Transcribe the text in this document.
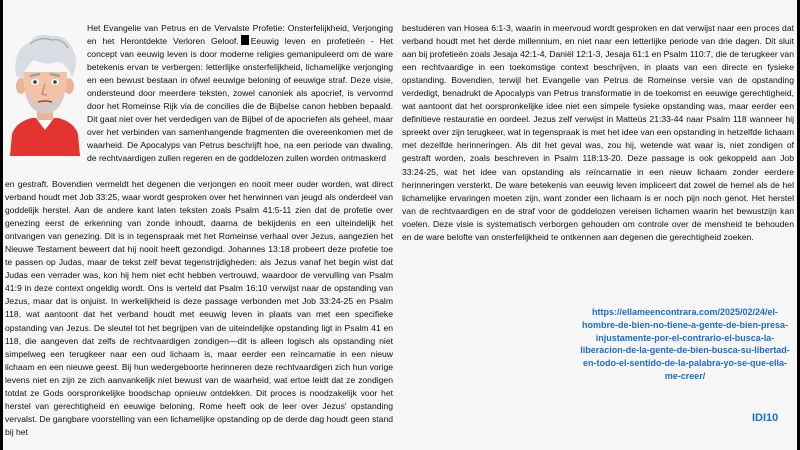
Het Evangelie van Petrus en de Vervalste Profetie: Onsterfelijkheid, Verjonging en het Herontdekte Verloren Geloof. Eeuwig leven en profetieën - Het concept van eeuwig leven is door moderne religies gemanipuleerd om de ware betekenis ervan te verbergen: letterlijke onsterfelijkheid, lichamelijke verjonging en een bewust bestaan in ofwel eeuwige beloning of eeuwige straf. Deze visie, ondersteund door meerdere teksten, zowel canoniek als apocrief, is vervormd door het Romeinse Rijk via de concilies die de Bijbelse canon hebben bepaald. Dit gaat niet over het verdedigen van de Bijbel of de apocriefen als geheel, maar over het verbinden van samenhangende fragmenten die overeenkomen met de waarheid. De Apocalyps van Petrus beschrijft hoe, na een periode van dwaling, de rechtvaardigen zullen regeren en de goddelozen zullen worden ontmaskerd

en gestraft. Bovendien vermeldt het degenen die verjongen en nooit meer ouder worden, wat direct verband houdt met Job 33:25, waar wordt gesproken over het herwinnen van jeugd als onderdeel van goddelijk herstel. Aan de andere kant laten teksten zoals Psalm 41:5-11 zien dat de profetie over genezing eerst de erkenning van zonde inhoudt, daarna de bekijdenis en een uiteindelijk het ontvangen van genezing. Dit is in tegenspraak met het Romeinse verhaal over Jezus, aangezien het Nieuwe Testament beweert dat hij nooit heeft gezondigd. Johannes 13:18 probeert deze profetie toe te passen op Judas, maar de tekst zelf bevat tegenstrijdigheden: als Jezus vanaf het begin wist dat Judas een verrader was, kon hij hem niet echt hebben vertrouwd, waardoor de vervulling van Psalm 41:9 in deze context ongeldig wordt. Ons is verteld dat Psalm 16:10 verwijst naar de opstanding van Jezus, maar dat is onjuist. In werkelijkheid is deze passage verbonden met Job 33:24-25 en Psalm 118, wat aantoont dat het verband houdt met eeuwig leven in plaats van met een specifieke opstanding van Jezus. De sleutel tot het begrijpen van de uiteindelijke opstanding ligt in Psalm 41 en 118, die aangeven dat zelfs de rechtvaardigen zondigen—dit is alleen logisch als opstanding niet simpelweg een terugkeer naar een oud lichaam is, maar eerder een reïncarnatie in een nieuw lichaam en een nieuwe geest. Bij hun wedergeboorte herinneren deze rechtvaardigen zich hun vorige levens niet en zijn ze zich aanvankelijk niet bewust van de waarheid, wat ertoe leidt dat ze zondigen totdat ze Gods oorspronkelijke boodschap opnieuw ontdekken. Dit proces is noodzakelijk voor het herstel van gerechtigheid en eeuwige beloning. Rome heeft ook de leer over Jezus' opstanding vervalst. De gangbare voorstelling van een lichamelijke opstanding op de derde dag houdt geen stand bij het

bestuderen van Hosea 6:1-3, waarin in meervoud wordt gesproken en dat verwijst naar een proces dat verband houdt met het derde millennium, en niet naar een letterlijke periode van drie dagen. Dit sluit aan bij profetieën zoals Jesaja 42:1-4, Daniël 12:1-3, Jesaja 61:1 en Psalm 110:7, die de terugkeer van een rechtvaardige in een toekomstige context beschrijven, in plaats van een directe en fysieke opstanding. Bovendien, terwijl het Evangelie van Petrus de Romeinse versie van de opstanding verdedigt, benadrukt de Apocalyps van Petrus transformatie in de toekomst en eeuwige gerechtigheid, wat aantoont dat het oorspronkelijke idee niet een simpele fysieke opstanding was, maar eerder een definitieve restauratie en oordeel. Jezus zelf verwijst in Matteüs 21:33-44 naar Psalm 118 wanneer hij spreekt over zijn terugkeer, wat in tegenspraak is met het idee van een opstanding in hetzelfde lichaam met dezelfde herinneringen. Als dit het geval was, zou hij, wetende wat waar is, niet zondigen of gestraft worden, zoals beschreven in Psalm 118:13-20. Deze passage is ook gekoppeld aan Job 33:24-25, wat het idee van opstanding als reïncarnatie in een nieuw lichaam zonder eerdere herinneringen versterkt. De ware betekenis van eeuwig leven impliceert dat zowel de hemel als de hel lichamelijke ervaringen moeten zijn, want zonder een lichaam is er noch pijn noch genot. Het herstel van de rechtvaardigen en de straf voor de goddelozen vereisen lichamen waarin het bewustzijn kan voelen. Deze visie is systematisch verborgen gehouden om controle over de mensheid te behouden en de ware belofte van onsterfelijkheid te ontkennen aan degenen die gerechtigheid zoeken.

https://ellameencontrara.com/2025/02/24/el-hombre-de-bien-no-tiene-a-gente-de-bien-presa-injustamente-por-el-contrario-el-busca-la-liberacion-de-la-gente-de-bien-busca-su-libertad-en-todo-el-sentido-de-la-palabra-yo-se-que-ella-me-creer/
IDI10
